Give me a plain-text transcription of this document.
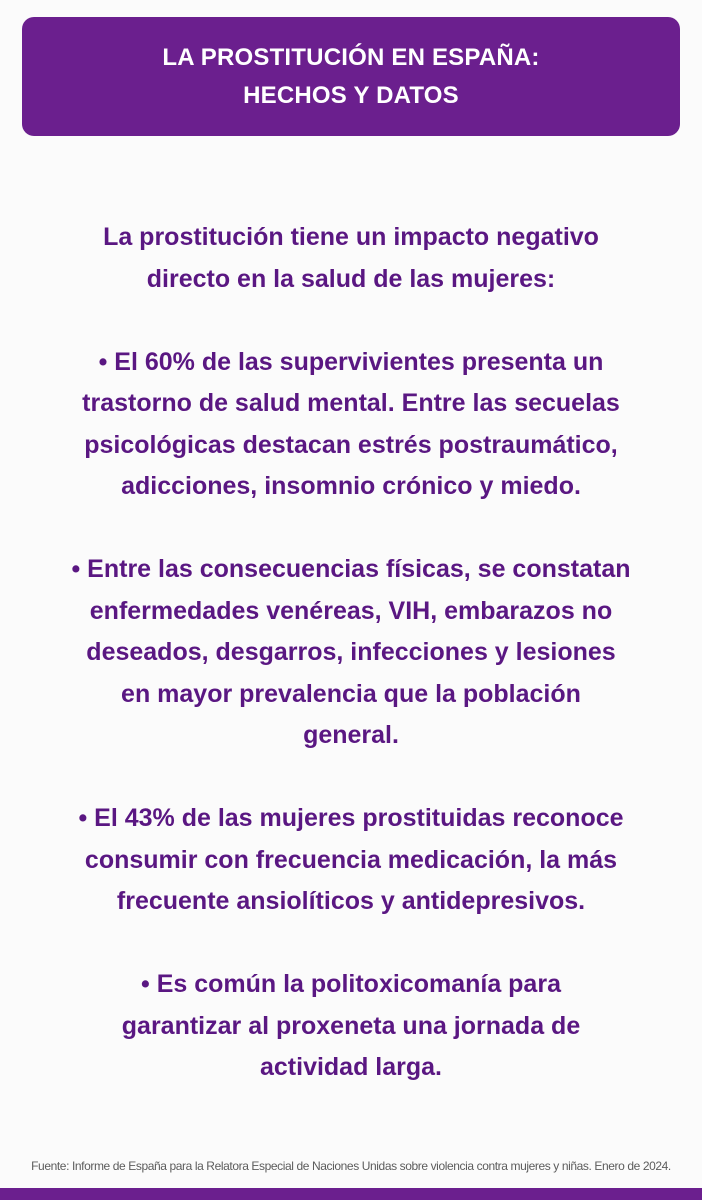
LA PROSTITUCIÓN EN ESPAÑA:
HECHOS Y DATOS

La prostitución tiene un impacto negativo
directo en la salud de las mujeres:

• El 60% de las supervivientes presenta un
trastorno de salud mental. Entre las secuelas
psicológicas destacan estrés postraumático,
adicciones, insomnio crónico y miedo.

• Entre las consecuencias físicas, se constatan
enfermedades venéreas, VIH, embarazos no
deseados, desgarros, infecciones y lesiones
en mayor prevalencia que la población
general.

• El 43% de las mujeres prostituidas reconoce
consumir con frecuencia medicación, la más
frecuente ansiolíticos y antidepresivos.

• Es común la politoxicomanía para
garantizar al proxeneta una jornada de
actividad larga.

Fuente: Informe de España para la Relatora Especial de Naciones Unidas sobre violencia contra mujeres y niñas. Enero de 2024.
